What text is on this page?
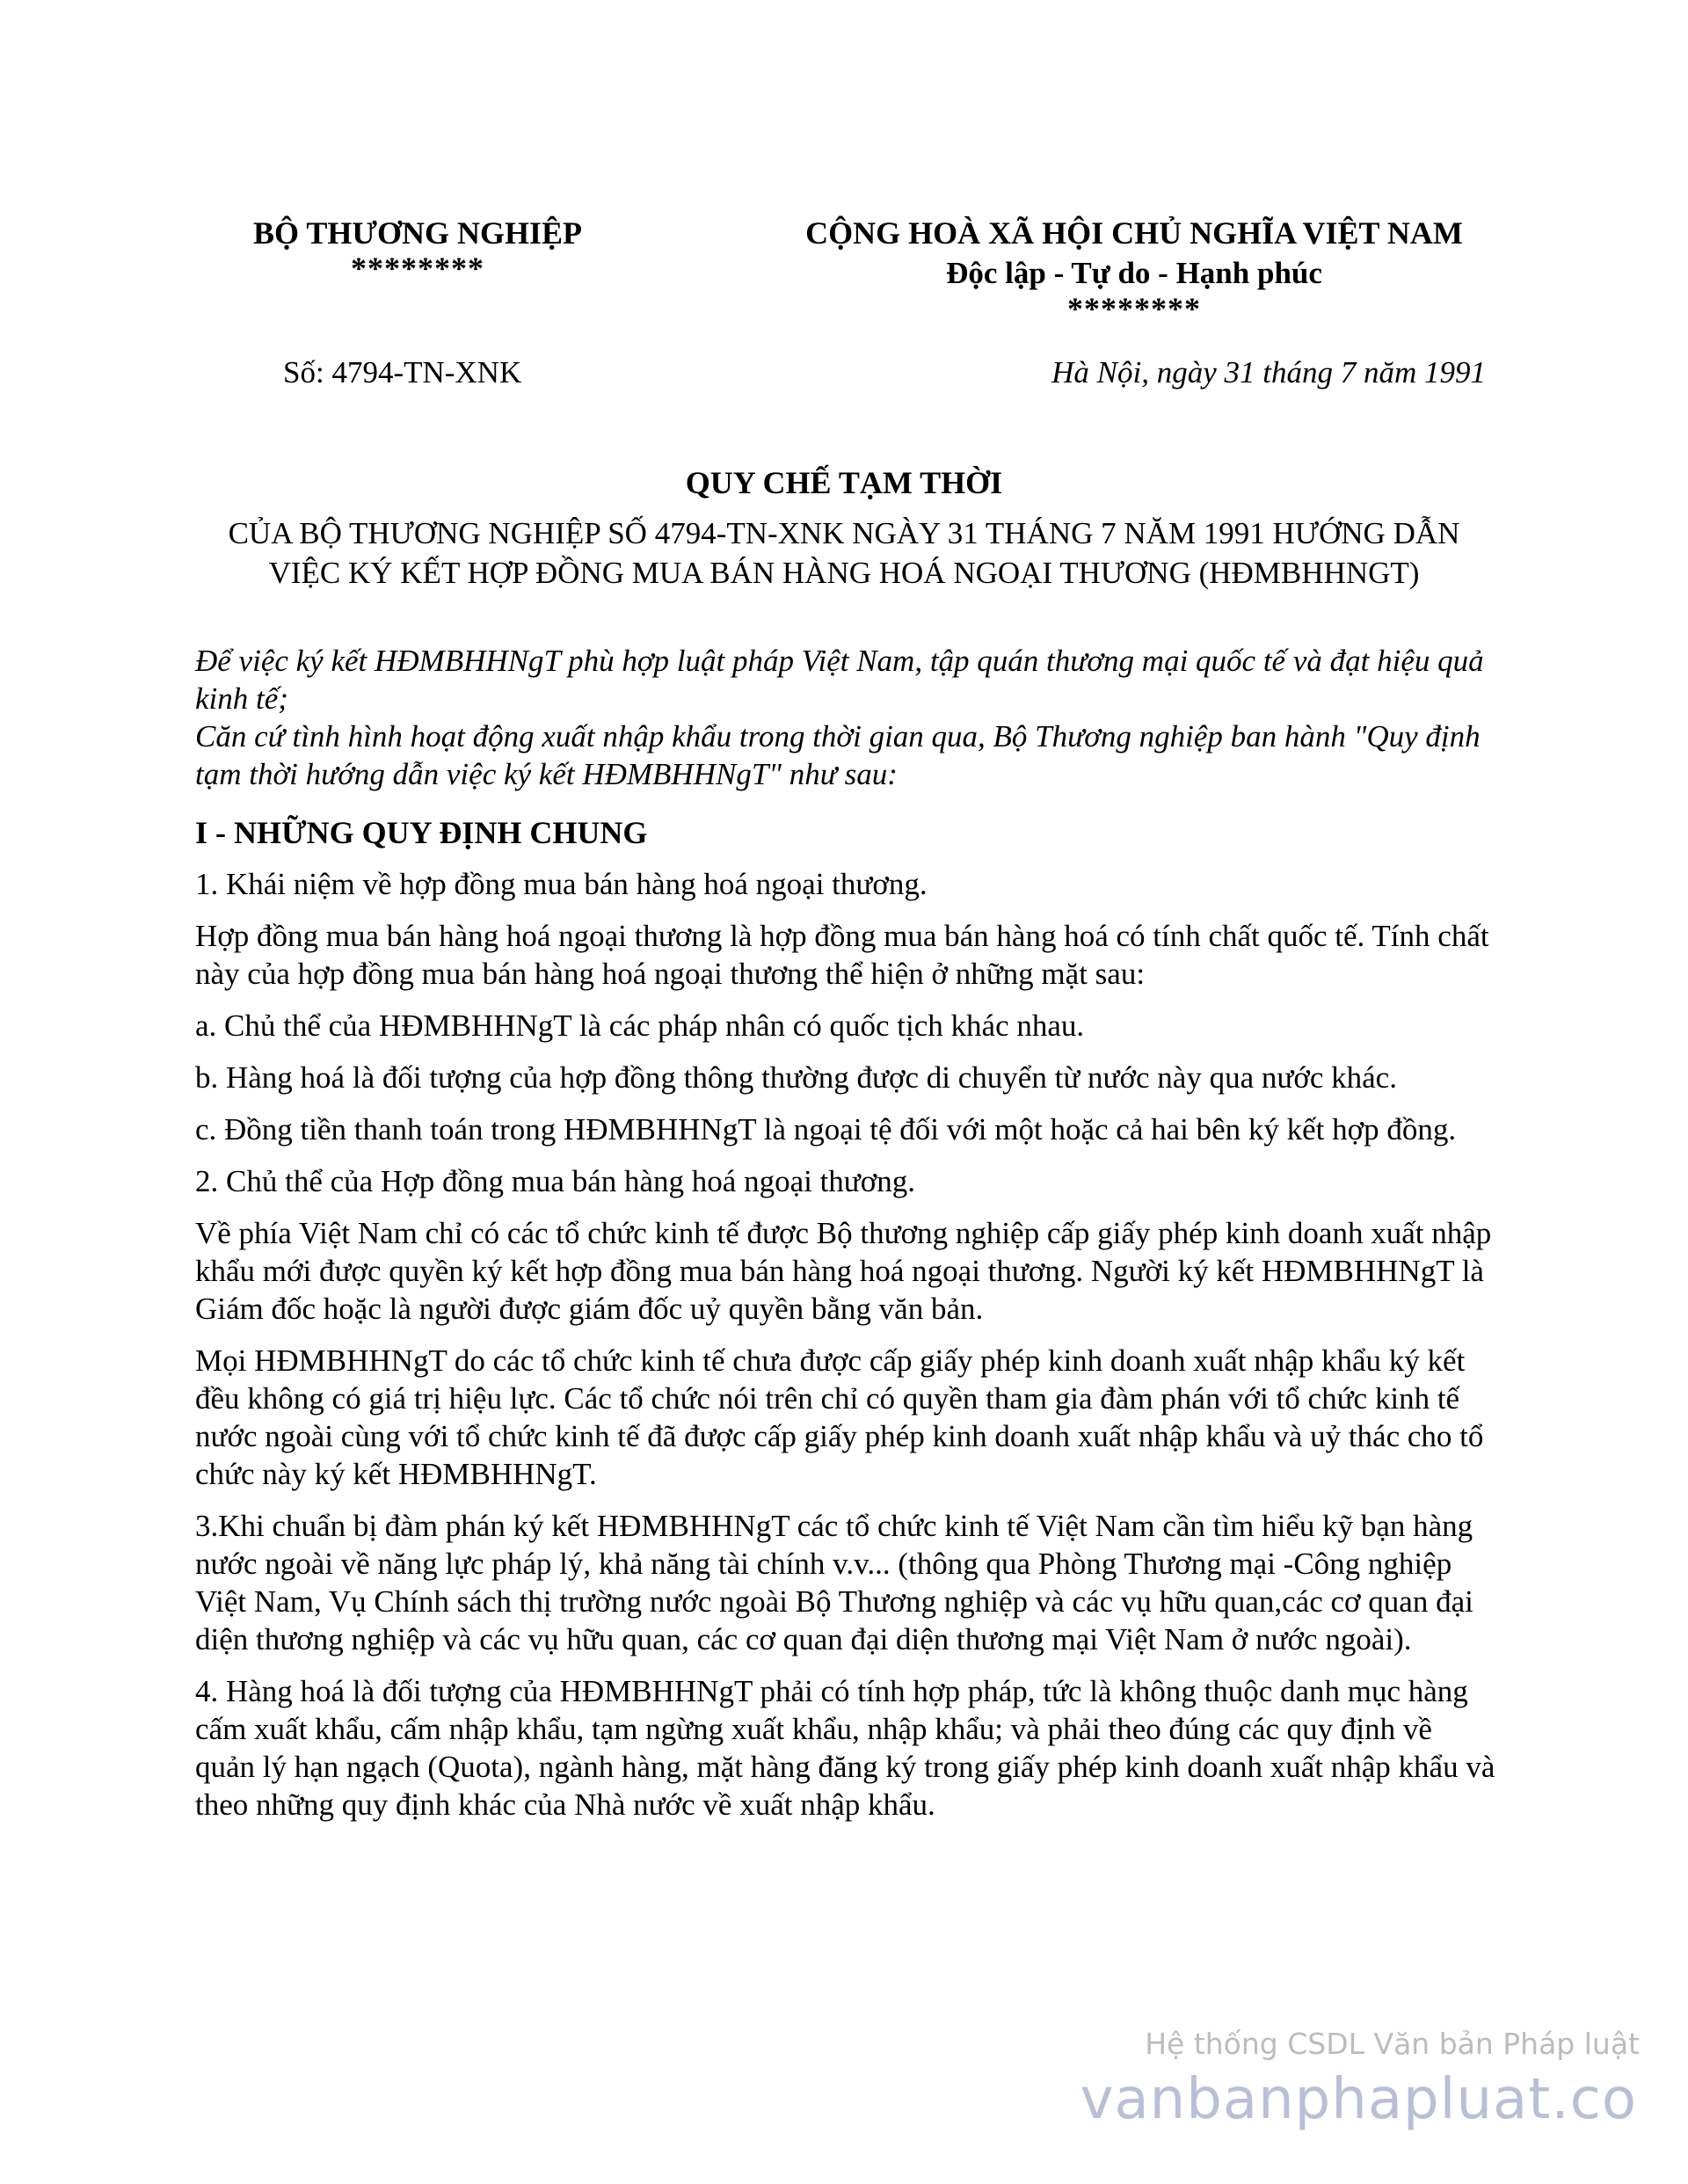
BỘ THƯƠNG NGHIỆP
********
CỘNG HOÀ XÃ HỘI CHỦ NGHĨA VIỆT NAM
Độc lập - Tự do - Hạnh phúc
********
Số: 4794-TN-XNK	Hà Nội, ngày 31 tháng 7 năm 1991
QUY CHẾ TẠM THỜI
CỦA BỘ THƯƠNG NGHIỆP SỐ 4794-TN-XNK NGÀY 31 THÁNG 7 NĂM 1991 HƯỚNG DẪN VIỆC KÝ KẾT HỢP ĐỒNG MUA BÁN HÀNG HOÁ NGOẠI THƯƠNG (HĐMBHHNGT)

Để việc ký kết HĐMBHHNgT phù hợp luật pháp Việt Nam, tập quán thương mại quốc tế và đạt hiệu quả kinh tế;

Căn cứ tình hình hoạt động xuất nhập khẩu trong thời gian qua, Bộ Thương nghiệp ban hành "Quy định tạm thời hướng dẫn việc ký kết HĐMBHHNgT" như sau:

I - NHỮNG QUY ĐỊNH CHUNG

1. Khái niệm về hợp đồng mua bán hàng hoá ngoại thương.

Hợp đồng mua bán hàng hoá ngoại thương là hợp đồng mua bán hàng hoá có tính chất quốc tế. Tính chất này của hợp đồng mua bán hàng hoá ngoại thương thể hiện ở những mặt sau:

a. Chủ thể của HĐMBHHNgT là các pháp nhân có quốc tịch khác nhau.

b. Hàng hoá là đối tượng của hợp đồng thông thường được di chuyển từ nước này qua nước khác.

c. Đồng tiền thanh toán trong HĐMBHHNgT là ngoại tệ đối với một hoặc cả hai bên ký kết hợp đồng.

2. Chủ thể của Hợp đồng mua bán hàng hoá ngoại thương.

Về phía Việt Nam chỉ có các tổ chức kinh tế được Bộ thương nghiệp cấp giấy phép kinh doanh xuất nhập khẩu mới được quyền ký kết hợp đồng mua bán hàng hoá ngoại thương. Người ký kết HĐMBHHNgT là Giám đốc hoặc là người được giám đốc uỷ quyền bằng văn bản.

Mọi HĐMBHHNgT do các tổ chức kinh tế chưa được cấp giấy phép kinh doanh xuất nhập khẩu ký kết đều không có giá trị hiệu lực. Các tổ chức nói trên chỉ có quyền tham gia đàm phán với tổ chức kinh tế nước ngoài cùng với tổ chức kinh tế đã được cấp giấy phép kinh doanh xuất nhập khẩu và uỷ thác cho tổ chức này ký kết HĐMBHHNgT.

3.Khi chuẩn bị đàm phán ký kết HĐMBHHNgT các tổ chức kinh tế Việt Nam cần tìm hiểu kỹ bạn hàng nước ngoài về năng lực pháp lý, khả năng tài chính v.v... (thông qua Phòng Thương mại -Công nghiệp Việt Nam, Vụ Chính sách thị trường nước ngoài Bộ Thương nghiệp và các vụ hữu quan,các cơ quan đại diện thương nghiệp và các vụ hữu quan, các cơ quan đại diện thương mại Việt Nam ở nước ngoài).

4. Hàng hoá là đối tượng của HĐMBHHNgT phải có tính hợp pháp, tức là không thuộc danh mục hàng cấm xuất khẩu, cấm nhập khẩu, tạm ngừng xuất khẩu, nhập khẩu; và phải theo đúng các quy định về quản lý hạn ngạch (Quota), ngành hàng, mặt hàng đăng ký trong giấy phép kinh doanh xuất nhập khẩu và theo những quy định khác của Nhà nước về xuất nhập khẩu.

Hệ thống CSDL Văn bản Pháp luật
vanbanphapluat.co
